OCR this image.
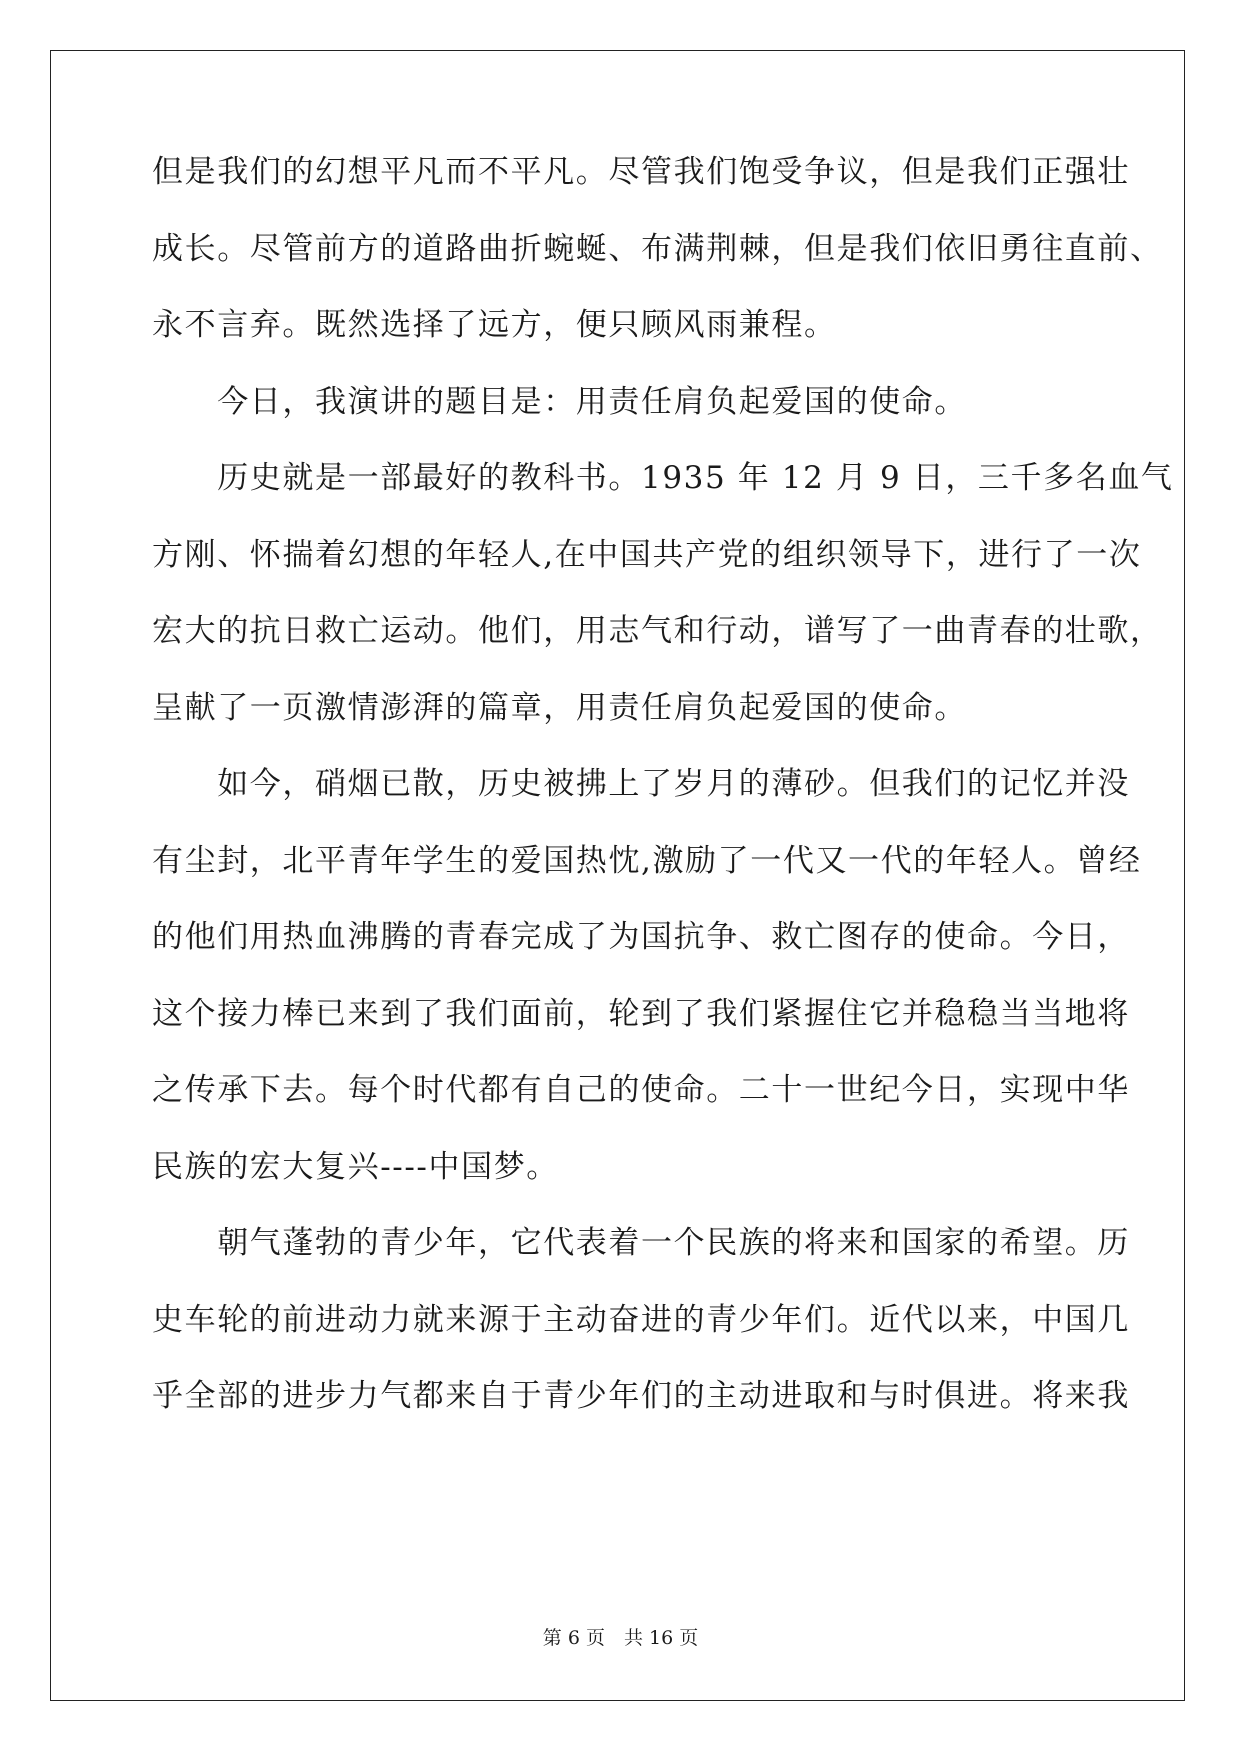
但是我们的幻想平凡而不平凡。尽管我们饱受争议，但是我们正强壮
成长。尽管前方的道路曲折蜿蜒、布满荆棘，但是我们依旧勇往直前、
永不言弃。既然选择了远方，便只顾风雨兼程。
　　今日，我演讲的题目是：用责任肩负起爱国的使命。
　　历史就是一部最好的教科书。1935 年 12 月 9 日，三千多名血气
方刚、怀揣着幻想的年轻人,在中国共产党的组织领导下，进行了一次
宏大的抗日救亡运动。他们，用志气和行动，谱写了一曲青春的壮歌，
呈献了一页激情澎湃的篇章，用责任肩负起爱国的使命。
　　如今，硝烟已散，历史被拂上了岁月的薄砂。但我们的记忆并没
有尘封，北平青年学生的爱国热忱,激励了一代又一代的年轻人。曾经
的他们用热血沸腾的青春完成了为国抗争、救亡图存的使命。今日，
这个接力棒已来到了我们面前，轮到了我们紧握住它并稳稳当当地将
之传承下去。每个时代都有自己的使命。二十一世纪今日，实现中华
民族的宏大复兴----中国梦。
　　朝气蓬勃的青少年，它代表着一个民族的将来和国家的希望。历
史车轮的前进动力就来源于主动奋进的青少年们。近代以来，中国几
乎全部的进步力气都来自于青少年们的主动进取和与时俱进。将来我
第 6 页　共 16 页
